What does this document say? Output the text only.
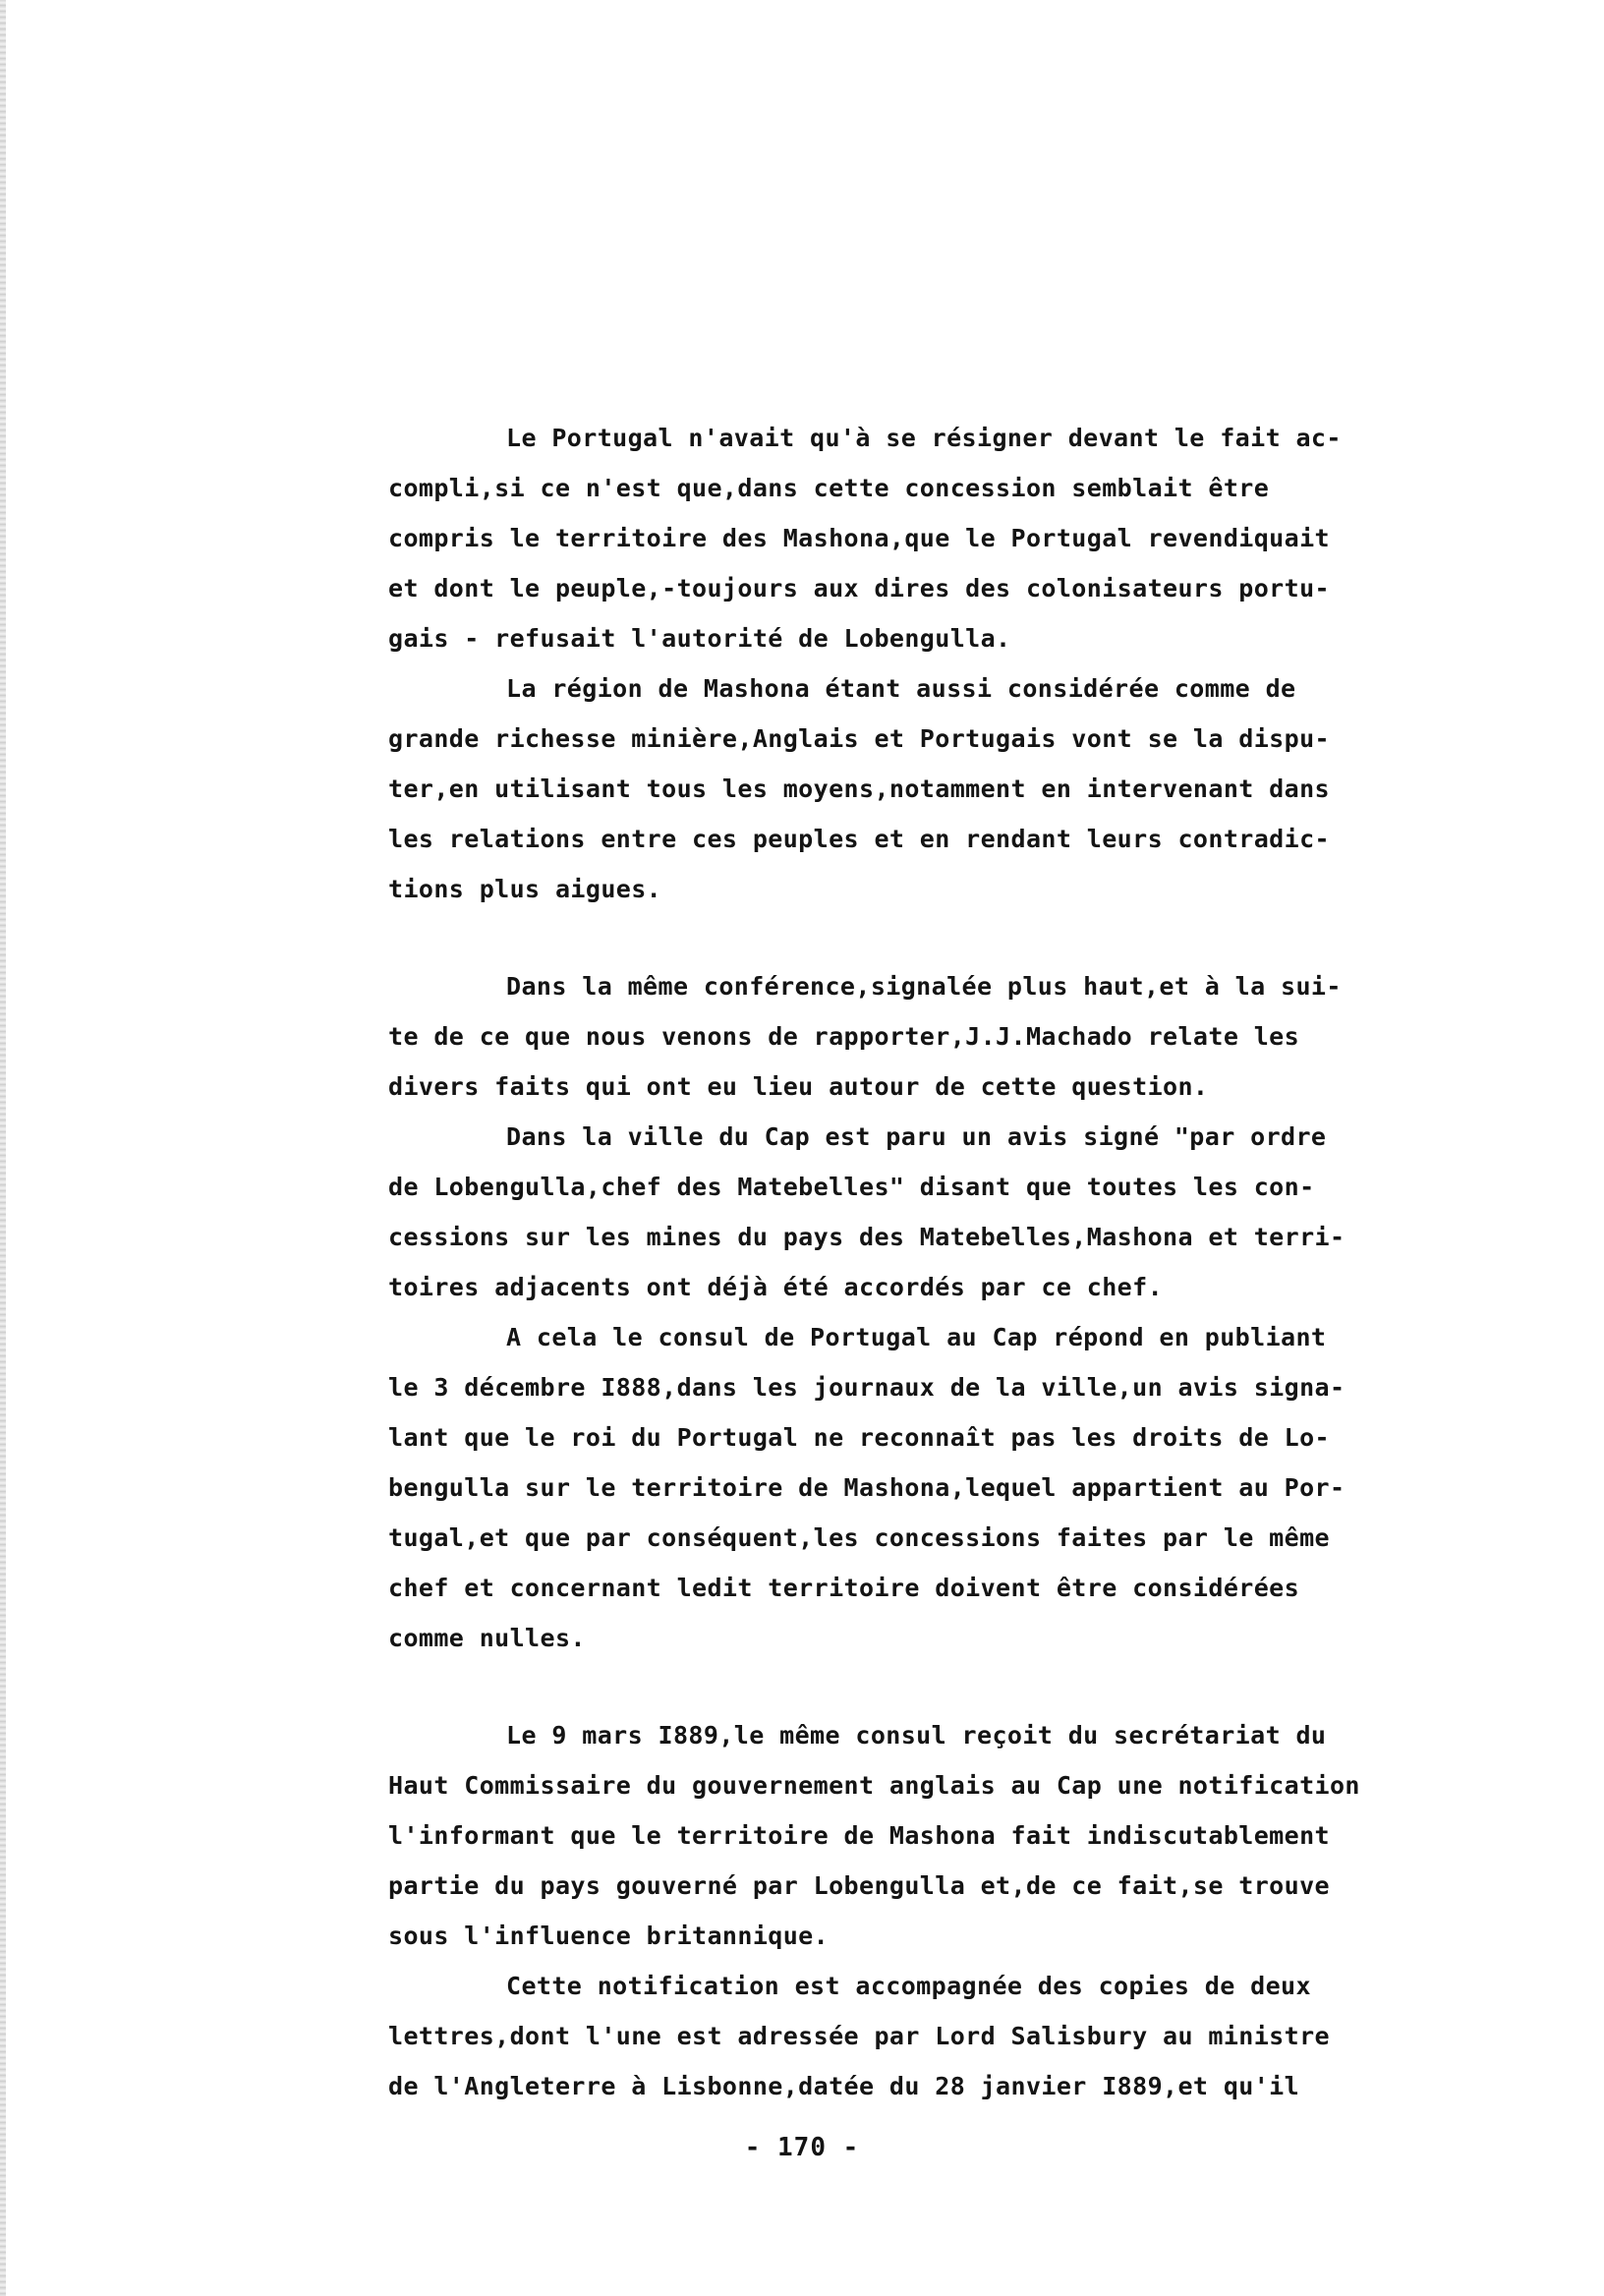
Le Portugal n'avait qu'à se résigner devant le fait ac-
compli,si ce n'est que,dans cette concession semblait être
compris le territoire des Mashona,que le Portugal revendiquait
et dont le peuple,-toujours aux dires des colonisateurs portu-
gais - refusait l'autorité de Lobengulla.
La région de Mashona étant aussi considérée comme de
grande richesse minière,Anglais et Portugais vont se la dispu-
ter,en utilisant tous les moyens,notamment en intervenant dans
les relations entre ces peuples et en rendant leurs contradic-
tions plus aigues.
Dans la même conférence,signalée plus haut,et à la sui-
te de ce que nous venons de rapporter,J.J.Machado relate les
divers faits qui ont eu lieu autour de cette question.
Dans la ville du Cap est paru un avis signé "par ordre
de Lobengulla,chef des Matebelles" disant que toutes les con-
cessions sur les mines du pays des Matebelles,Mashona et terri-
toires adjacents ont déjà été accordés par ce chef.
A cela le consul de Portugal au Cap répond en publiant
le 3 décembre I888,dans les journaux de la ville,un avis signa-
lant que le roi du Portugal ne reconnaît pas les droits de Lo-
bengulla sur le territoire de Mashona,lequel appartient au Por-
tugal,et que par conséquent,les concessions faites par le même
chef et concernant ledit territoire doivent être considérées
comme nulles.
Le 9 mars I889,le même consul reçoit du secrétariat du
Haut Commissaire du gouvernement anglais au Cap une notification
l'informant que le territoire de Mashona fait indiscutablement
partie du pays gouverné par Lobengulla et,de ce fait,se trouve
sous l'influence britannique.
Cette notification est accompagnée des copies de deux
lettres,dont l'une est adressée par Lord Salisbury au ministre
de l'Angleterre à Lisbonne,datée du 28 janvier I889,et qu'il
- 170 -
